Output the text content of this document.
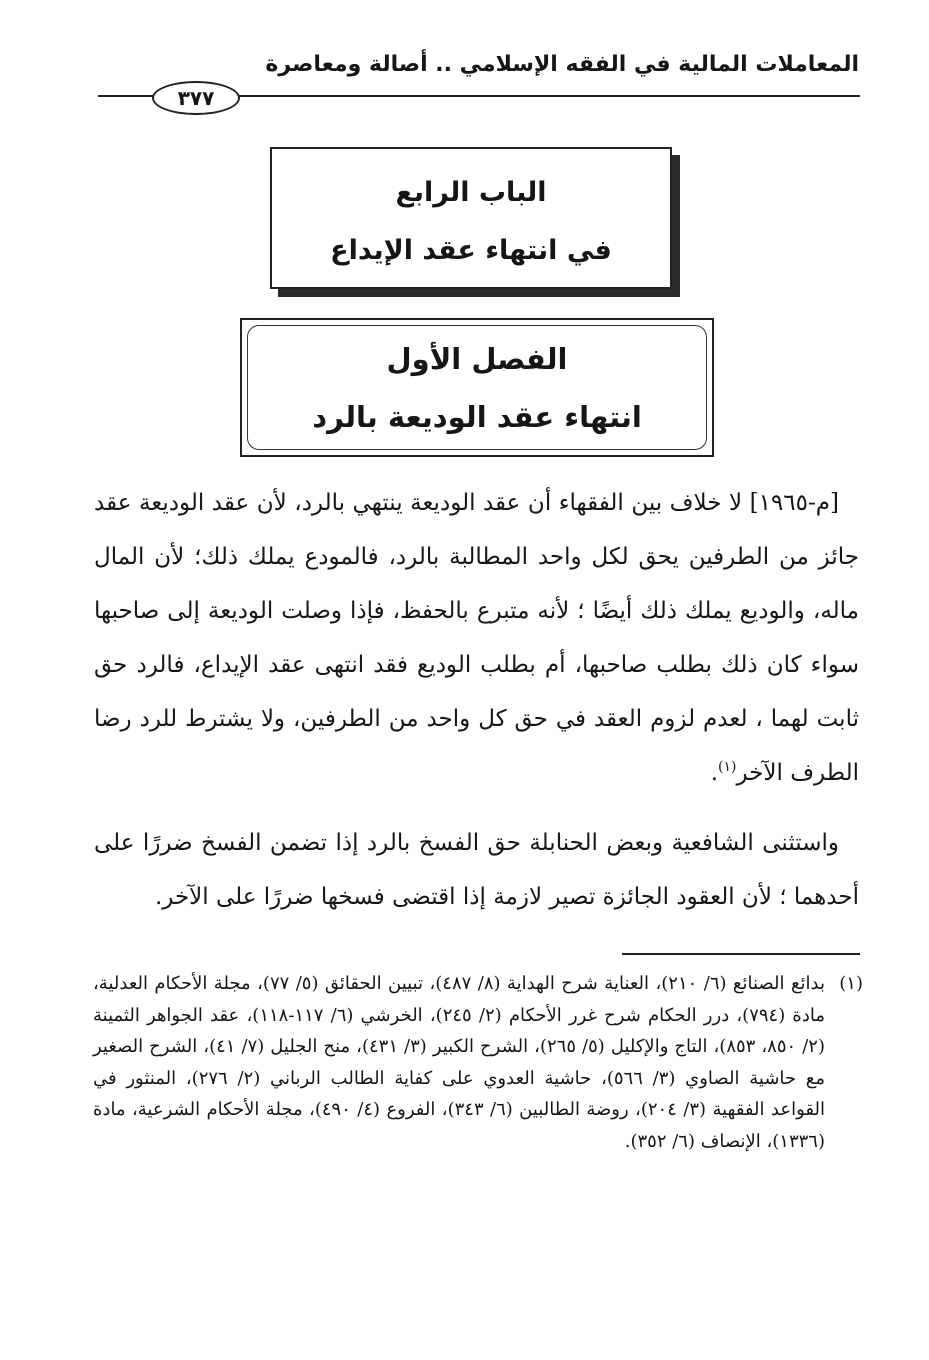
المعاملات المالية في الفقه الإسلامي .. أصالة ومعاصرة
٣٧٧
الباب الرابع
في انتهاء عقد الإيداع
الفصل الأول
انتهاء عقد الوديعة بالرد

[م-١٩٦٥] لا خلاف بين الفقهاء أن عقد الوديعة ينتهي بالرد، لأن عقد الوديعة عقد جائز من الطرفين يحق لكل واحد المطالبة بالرد، فالمودع يملك ذلك؛ لأن المال ماله، والوديع يملك ذلك أيضًا ؛ لأنه متبرع بالحفظ، فإذا وصلت الوديعة إلى صاحبها سواء كان ذلك بطلب صاحبها، أم بطلب الوديع فقد انتهى عقد الإيداع، فالرد حق ثابت لهما ، لعدم لزوم العقد في حق كل واحد من الطرفين، ولا يشترط للرد رضا الطرف الآخر$^{(١)}$.

واستثنى الشافعية وبعض الحنابلة حق الفسخ بالرد إذا تضمن الفسخ ضررًا على أحدهما ؛ لأن العقود الجائزة تصير لازمة إذا اقتضى فسخها ضررًا على الآخر.

(١)
بدائع الصنائع (٦/ ٢١٠)، العناية شرح الهداية (٨/ ٤٨٧)، تبيين الحقائق (٥/ ٧٧)، مجلة الأحكام العدلية، مادة (٧٩٤)، درر الحكام شرح غرر الأحكام (٢/ ٢٤٥)، الخرشي (٦/ ١١٧-١١٨)، عقد الجواهر الثمينة (٢/ ٨٥٠، ٨٥٣)، التاج والإكليل (٥/ ٢٦٥)، الشرح الكبير (٣/ ٤٣١)، منح الجليل (٧/ ٤١)، الشرح الصغير مع حاشية الصاوي (٣/ ٥٦٦)، حاشية العدوي على كفاية الطالب الرباني (٢/ ٢٧٦)، المنثور في القواعد الفقهية (٣/ ٢٠٤)، روضة الطالبين (٦/ ٣٤٣)، الفروع (٤/ ٤٩٠)، مجلة الأحكام الشرعية، مادة (١٣٣٦)، الإنصاف (٦/ ٣٥٢).
